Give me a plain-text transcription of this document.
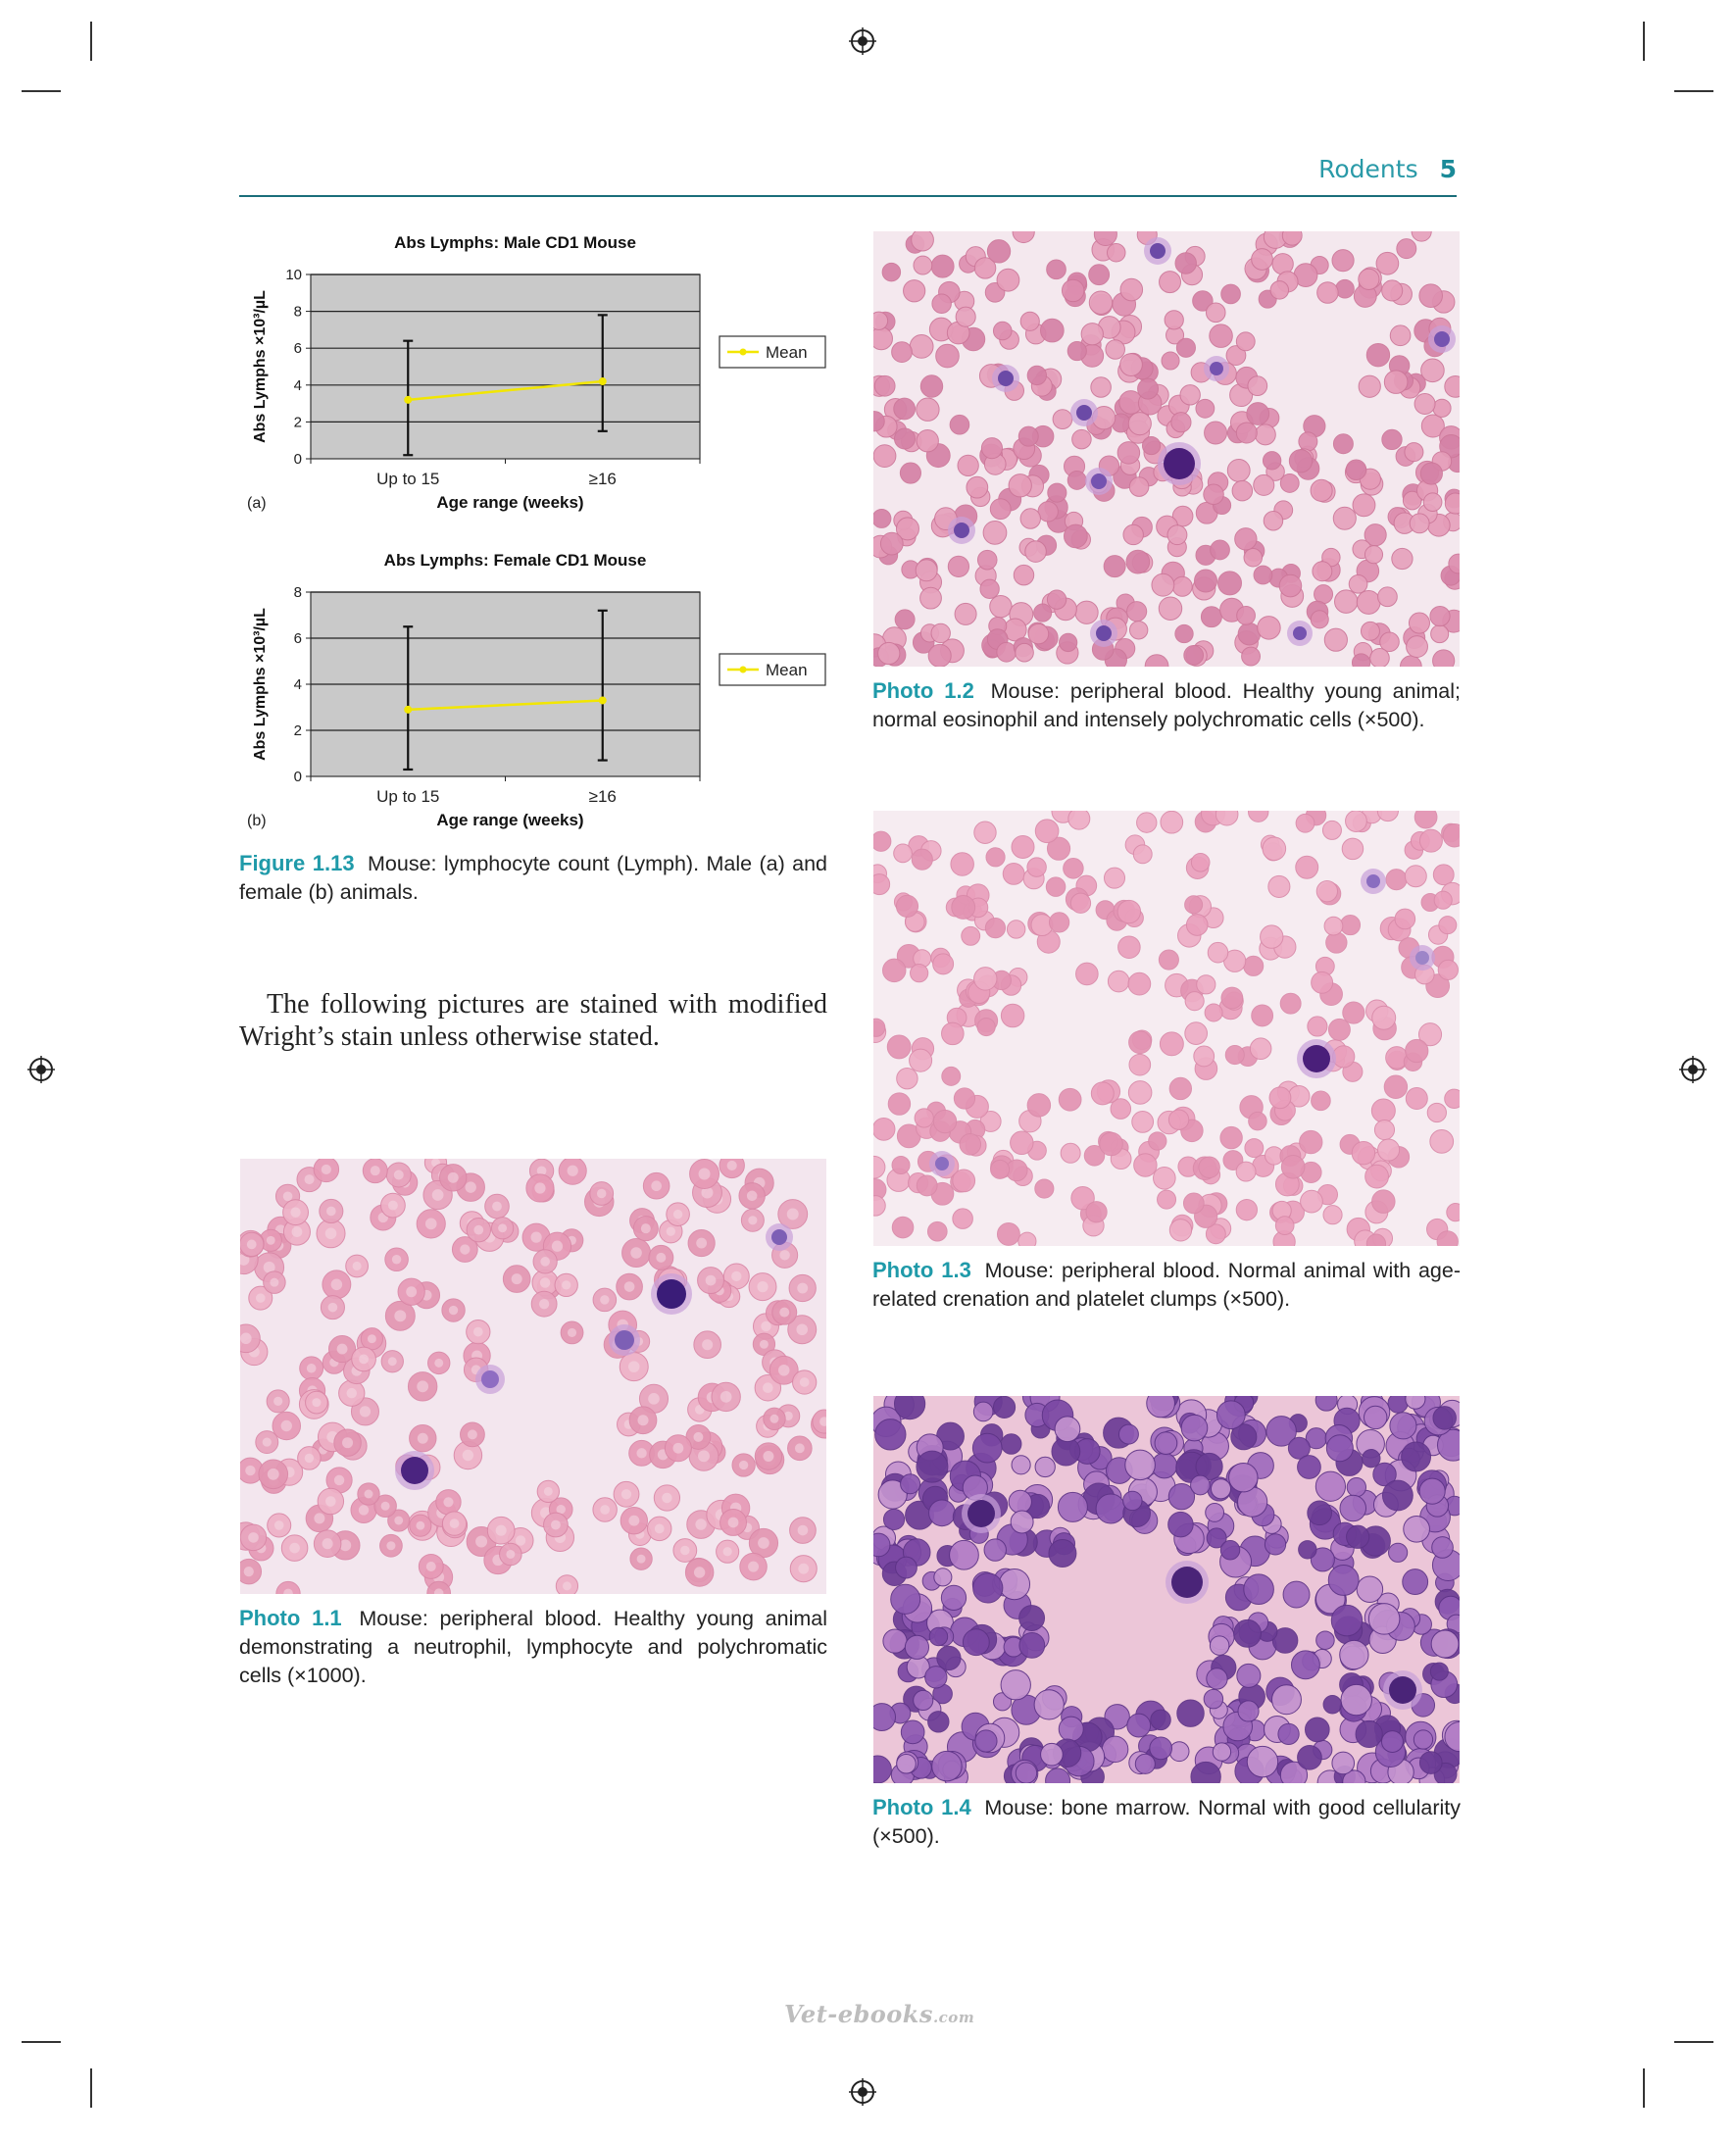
Rodents 5
0
2
4
6
8
10
Up to 15	≥16
Abs Lymphs: Male CD1 Mouse
Age range (weeks)
Abs Lymphs ×10³/µL
(a)
Mean
0
2
4
6
8
Up to 15	≥16
Abs Lymphs: Female CD1 Mouse
Age range (weeks)
Abs Lymphs ×10³/µL
(b)
Mean
Figure 1.13 Mouse: lymphocyte count (Lymph). Male (a) and female (b) animals.
The following pictures are stained with modified Wright’s stain unless otherwise stated.
Photo 1.1 Mouse: peripheral blood. Healthy young animal demonstrating a neutrophil, lymphocyte and polychromatic cells (×1000).
Photo 1.2 Mouse: peripheral blood. Healthy young animal; normal eosinophil and intensely polychromatic cells (×500).
Photo 1.3 Mouse: peripheral blood. Normal animal with age-related crenation and platelet clumps (×500).
Photo 1.4 Mouse: bone marrow. Normal with good cellularity (×500).
Vet-ebooks.com
